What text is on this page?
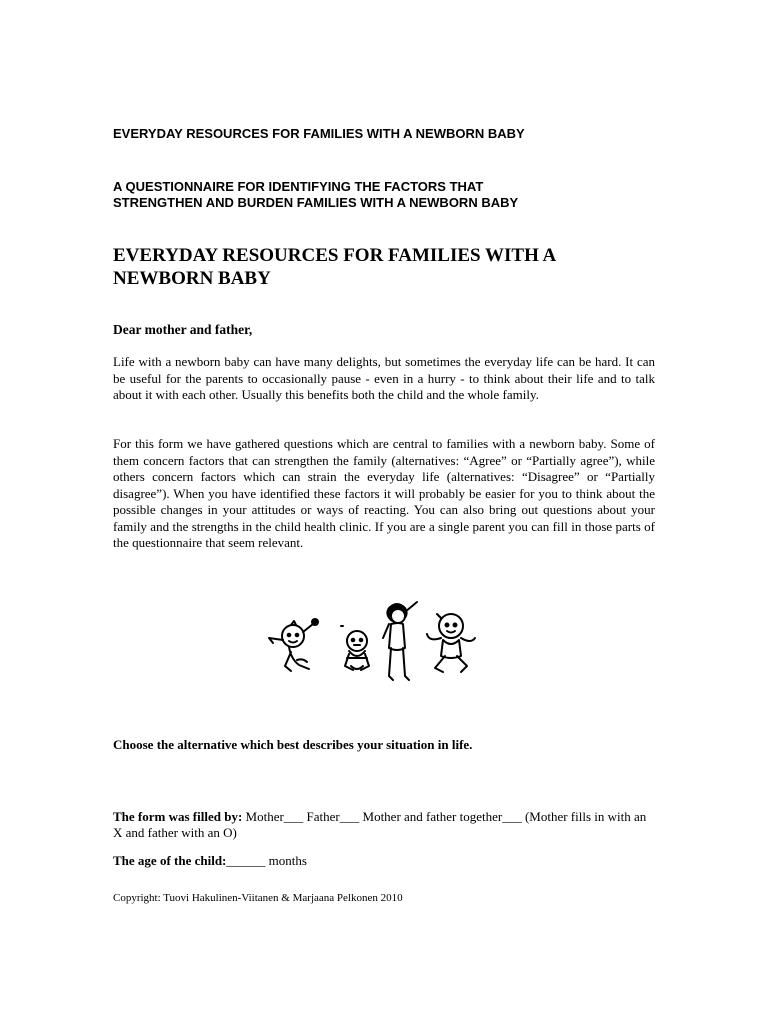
EVERYDAY RESOURCES FOR FAMILIES WITH A NEWBORN BABY

A QUESTIONNAIRE FOR IDENTIFYING THE FACTORS THAT
STRENGTHEN AND BURDEN FAMILIES WITH A NEWBORN BABY

EVERYDAY RESOURCES FOR FAMILIES WITH A
NEWBORN BABY

Dear mother and father,

Life with a newborn baby can have many delights, but sometimes the everyday life can be hard. It can be useful for the parents to occasionally pause - even in a hurry - to think about their life and to talk about it with each other. Usually this benefits both the child and the whole family.

For this form we have gathered questions which are central to families with a newborn baby. Some of them concern factors that can strengthen the family (alternatives: “Agree” or “Partially agree”), while others concern factors which can strain the everyday life (alternatives: “Disagree” or “Partially disagree”). When you have identified these factors it will probably be easier for you to think about the possible changes in your attitudes or ways of reacting. You can also bring out questions about your family and the strengths in the child health clinic. If you are a single parent you can fill in those parts of the questionnaire that seem relevant.

Choose the alternative which best describes your situation in life.

The form was filled by: Mother___ Father___ Mother and father together___ (Mother fills in with an X and father with an O)

The age of the child:______ months

Copyright: Tuovi Hakulinen-Viitanen & Marjaana Pelkonen 2010
